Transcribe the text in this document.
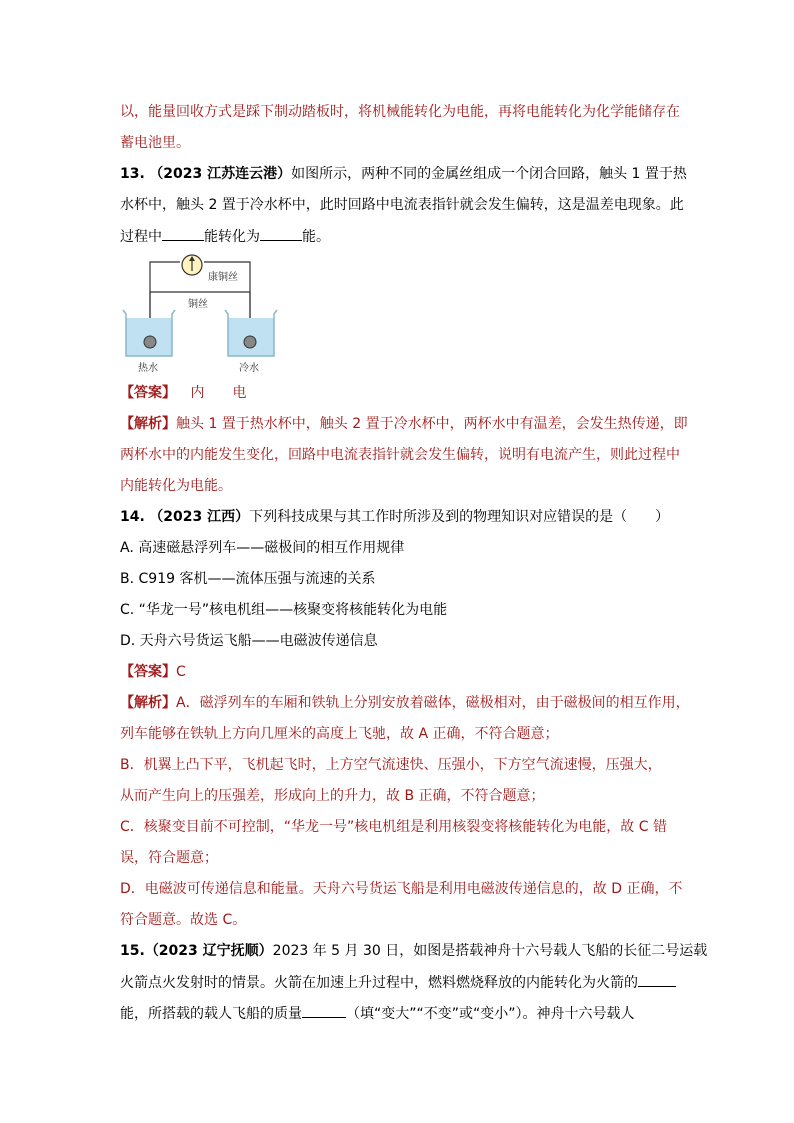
以，能量回收方式是踩下制动踏板时，将机械能转化为电能，再将电能转化为化学能储存在
蓄电池里。
13. （2023 江苏连云港）如图所示，两种不同的金属丝组成一个闭合回路，触头 1 置于热
水杯中，触头 2 置于冷水杯中，此时回路中电流表指针就会发生偏转，这是温差电现象。此
过程中	能转化为	能。
康铜丝
铜丝
热水	冷水
【答案】 内　　电
【解析】触头 1 置于热水杯中，触头 2 置于冷水杯中，两杯水中有温差，会发生热传递，即
两杯水中的内能发生变化，回路中电流表指针就会发生偏转，说明有电流产生，则此过程中
内能转化为电能。
14. （2023 江西）下列科技成果与其工作时所涉及到的物理知识对应错误的是（　　）
A. 高速磁悬浮列车——磁极间的相互作用规律
B. C919 客机——流体压强与流速的关系
C. “华龙一号”核电机组——核聚变将核能转化为电能
D. 天舟六号货运飞船——电磁波传递信息
【答案】C
【解析】A．磁浮列车的车厢和铁轨上分别安放着磁体，磁极相对，由于磁极间的相互作用，
列车能够在铁轨上方向几厘米的高度上飞驰，故 A 正确，不符合题意；
B．机翼上凸下平，飞机起飞时，上方空气流速快、压强小，下方空气流速慢，压强大，
从而产生向上的压强差，形成向上的升力，故 B 正确，不符合题意；
C．核聚变目前不可控制，“华龙一号”核电机组是利用核裂变将核能转化为电能，故 C 错
误，符合题意；
D．电磁波可传递信息和能量。天舟六号货运飞船是利用电磁波传递信息的，故 D 正确，不
符合题意。故选 C。
15.（2023 辽宁抚顺）2023 年 5 月 30 日，如图是搭载神舟十六号载人飞船的长征二号运载
火箭点火发射时的情景。火箭在加速上升过程中，燃料燃烧释放的内能转化为火箭的
能，所搭载的载人飞船的质量	（填“变大”“不变”或“变小”）。神舟十六号载人
